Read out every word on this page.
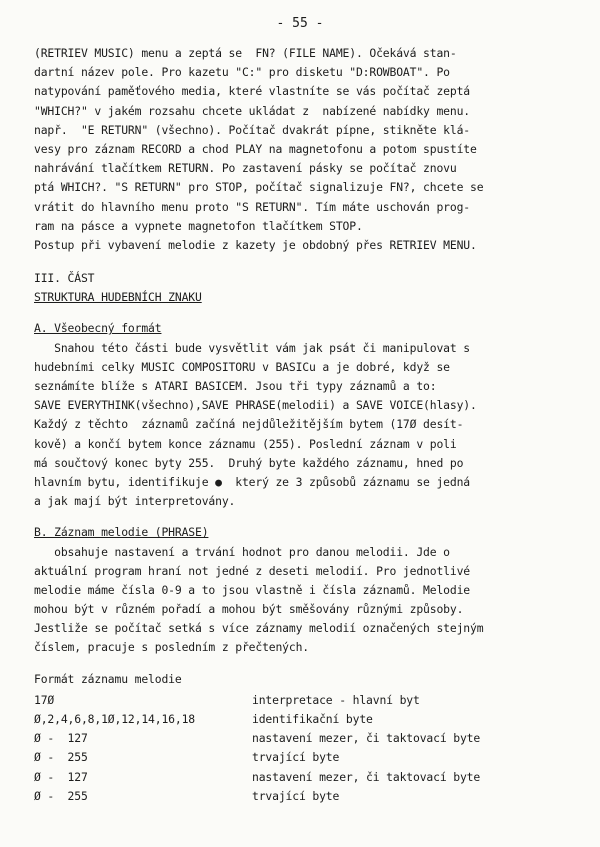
- 55 -
(RETRIEV MUSIC) menu a zeptá se  FN? (FILE NAME). Očekává stan-
dartní název pole. Pro kazetu "C:" pro disketu "D:ROWBOAT". Po
natypování paměťového media, které vlastníte se vás počítač zeptá
"WHICH?" v jakém rozsahu chcete ukládat z  nabízené nabídky menu.
např.  "E RETURN" (všechno). Počítač dvakrát pípne, stikněte klá-
vesy pro záznam RECORD a chod PLAY na magnetofonu a potom spustíte
nahrávání tlačítkem RETURN. Po zastavení pásky se počítač znovu
ptá WHICH?. "S RETURN" pro STOP, počítač signalizuje FN?, chcete se
vrátit do hlavního menu proto "S RETURN". Tím máte uschován prog-
ram na pásce a vypnete magnetofon tlačítkem STOP.
Postup při vybavení melodie z kazety je obdobný přes RETRIEV MENU.
III. ČÁST
STRUKTURA HUDEBNÍCH ZNAKU
A. Všeobecný formát
Snahou této části bude vysvětlit vám jak psát či manipulovat s
hudebními celky MUSIC COMPOSITORU v BASICu a je dobré, když se
seznámíte blíže s ATARI BASICEM. Jsou tři typy záznamů a to:
SAVE EVERYTHINK(všechno),SAVE PHRASE(melodii) a SAVE VOICE(hlasy).
Každý z těchto  záznamů začíná nejdůležitějším bytem (17Ø desít-
kově) a končí bytem konce záznamu (255). Poslední záznam v poli
má součtový konec byty 255.  Druhý byte každého záznamu, hned po
hlavním bytu, identifikuje ●  který ze 3 způsobů záznamu se jedná
a jak mají být interpretovány.
B. Záznam melodie (PHRASE)
obsahuje nastavení a trvání hodnot pro danou melodii. Jde o
aktuální program hraní not jedné z deseti melodií. Pro jednotlivé
melodie máme čísla 0-9 a to jsou vlastně i čísla záznamů. Melodie
mohou být v různém pořadí a mohou být směšovány různými způsoby.
Jestliže se počítač setká s více záznamy melodií označených stejným
číslem, pracuje s posledním z přečtených.
Formát záznamu melodie
17Ø	interpretace - hlavní byt
Ø,2,4,6,8,1Ø,12,14,16,18	identifikační byte
Ø -  127	nastavení mezer, či taktovací byte
Ø -  255	trvající byte
Ø -  127	nastavení mezer, či taktovací byte
Ø -  255	trvající byte
